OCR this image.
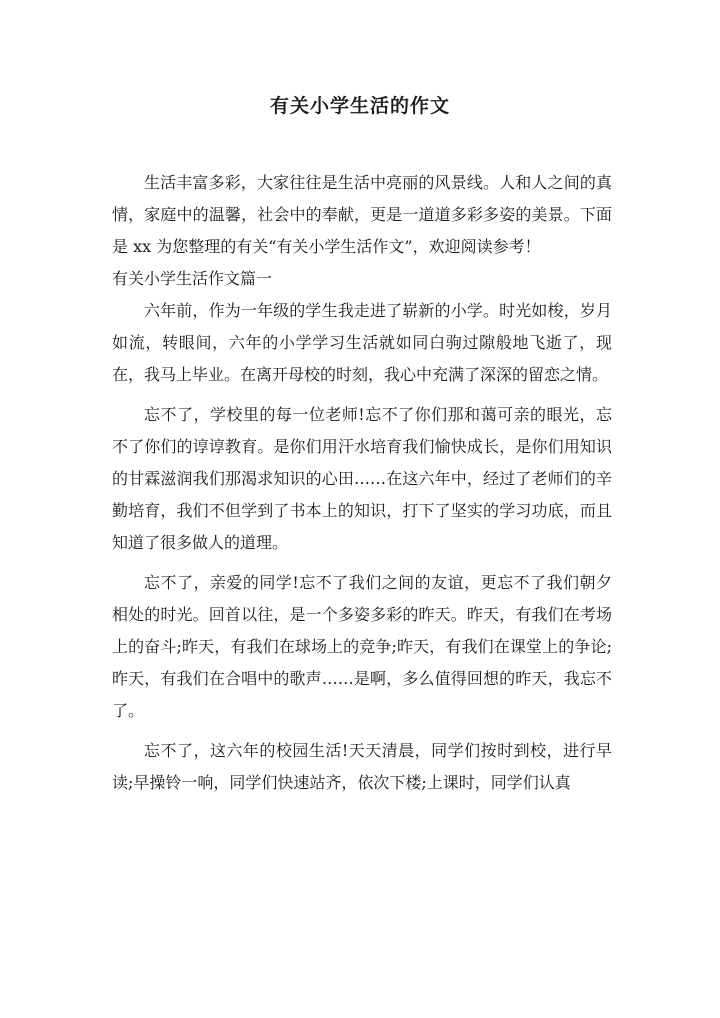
有关小学生活的作文

生活丰富多彩，大家往往是生活中亮丽的风景线。人和人之间的真情，家庭中的温馨，社会中的奉献，更是一道道多彩多姿的美景。下面是 xx 为您整理的有关“有关小学生活作文”，欢迎阅读参考！

有关小学生活作文篇一

六年前，作为一年级的学生我走进了崭新的小学。时光如梭，岁月如流，转眼间，六年的小学学习生活就如同白驹过隙般地飞逝了，现在，我马上毕业。在离开母校的时刻，我心中充满了深深的留恋之情。

忘不了，学校里的每一位老师!忘不了你们那和蔼可亲的眼光，忘不了你们的谆谆教育。是你们用汗水培育我们愉快成长，是你们用知识的甘霖滋润我们那渴求知识的心田……在这六年中，经过了老师们的辛勤培育，我们不但学到了书本上的知识，打下了坚实的学习功底，而且知道了很多做人的道理。

忘不了，亲爱的同学!忘不了我们之间的友谊，更忘不了我们朝夕相处的时光。回首以往，是一个多姿多彩的昨天。昨天，有我们在考场上的奋斗;昨天，有我们在球场上的竞争;昨天，有我们在课堂上的争论;昨天，有我们在合唱中的歌声……是啊，多么值得回想的昨天，我忘不了。

忘不了，这六年的校园生活!天天清晨，同学们按时到校，进行早读;早操铃一响，同学们快速站齐，依次下楼;上课时，同学们认真
